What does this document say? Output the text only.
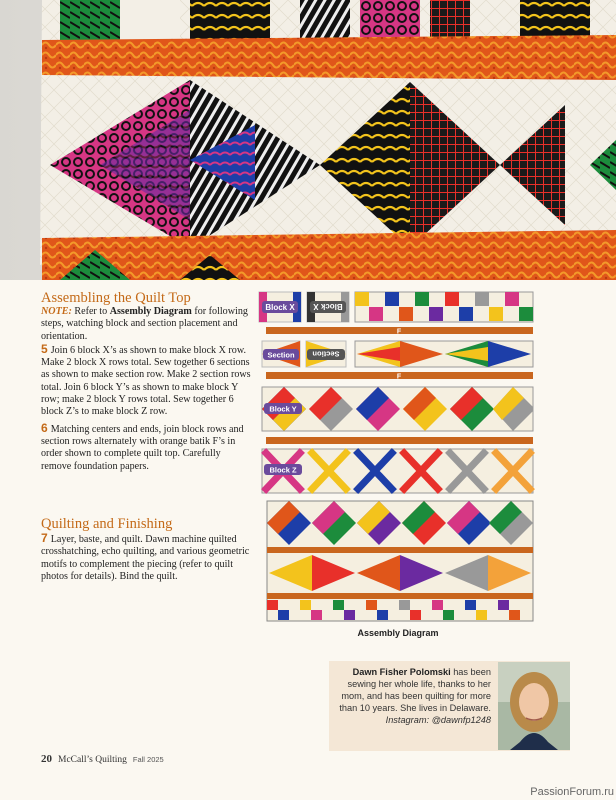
Assembling the Quilt Top

NOTE: Refer to Assembly Diagram for following steps, watching block and section placement and orientation.

5 Join 6 block X’s as shown to make block X row. Make 2 block X rows total. Sew together 6 sections as shown to make section row. Make 2 section rows total. Join 6 block Y’s as shown to make block Y row; make 2 block Y rows total. Sew together 6 block Z’s to make block Z row.

6 Matching centers and ends, join block rows and section rows alternately with orange batik F’s in order shown to complete quilt top. Carefully remove foundation papers.

Quilting and Finishing

7 Layer, baste, and quilt. Dawn machine quilted crosshatching, echo quilting, and various geometric motifs to complement the piecing (refer to quilt photos for details). Bind the quilt.

Block X Block X
F
Section Section
F
Block Y
Block Z
Assembly Diagram
Dawn Fisher Polomski has been sewing her whole life, thanks to her mom, and has been quilting for more than 10 years. She lives in Delaware.
Instagram: @dawnfp1248
20 McCall’s Quilting Fall 2025
PassionForum.ru
